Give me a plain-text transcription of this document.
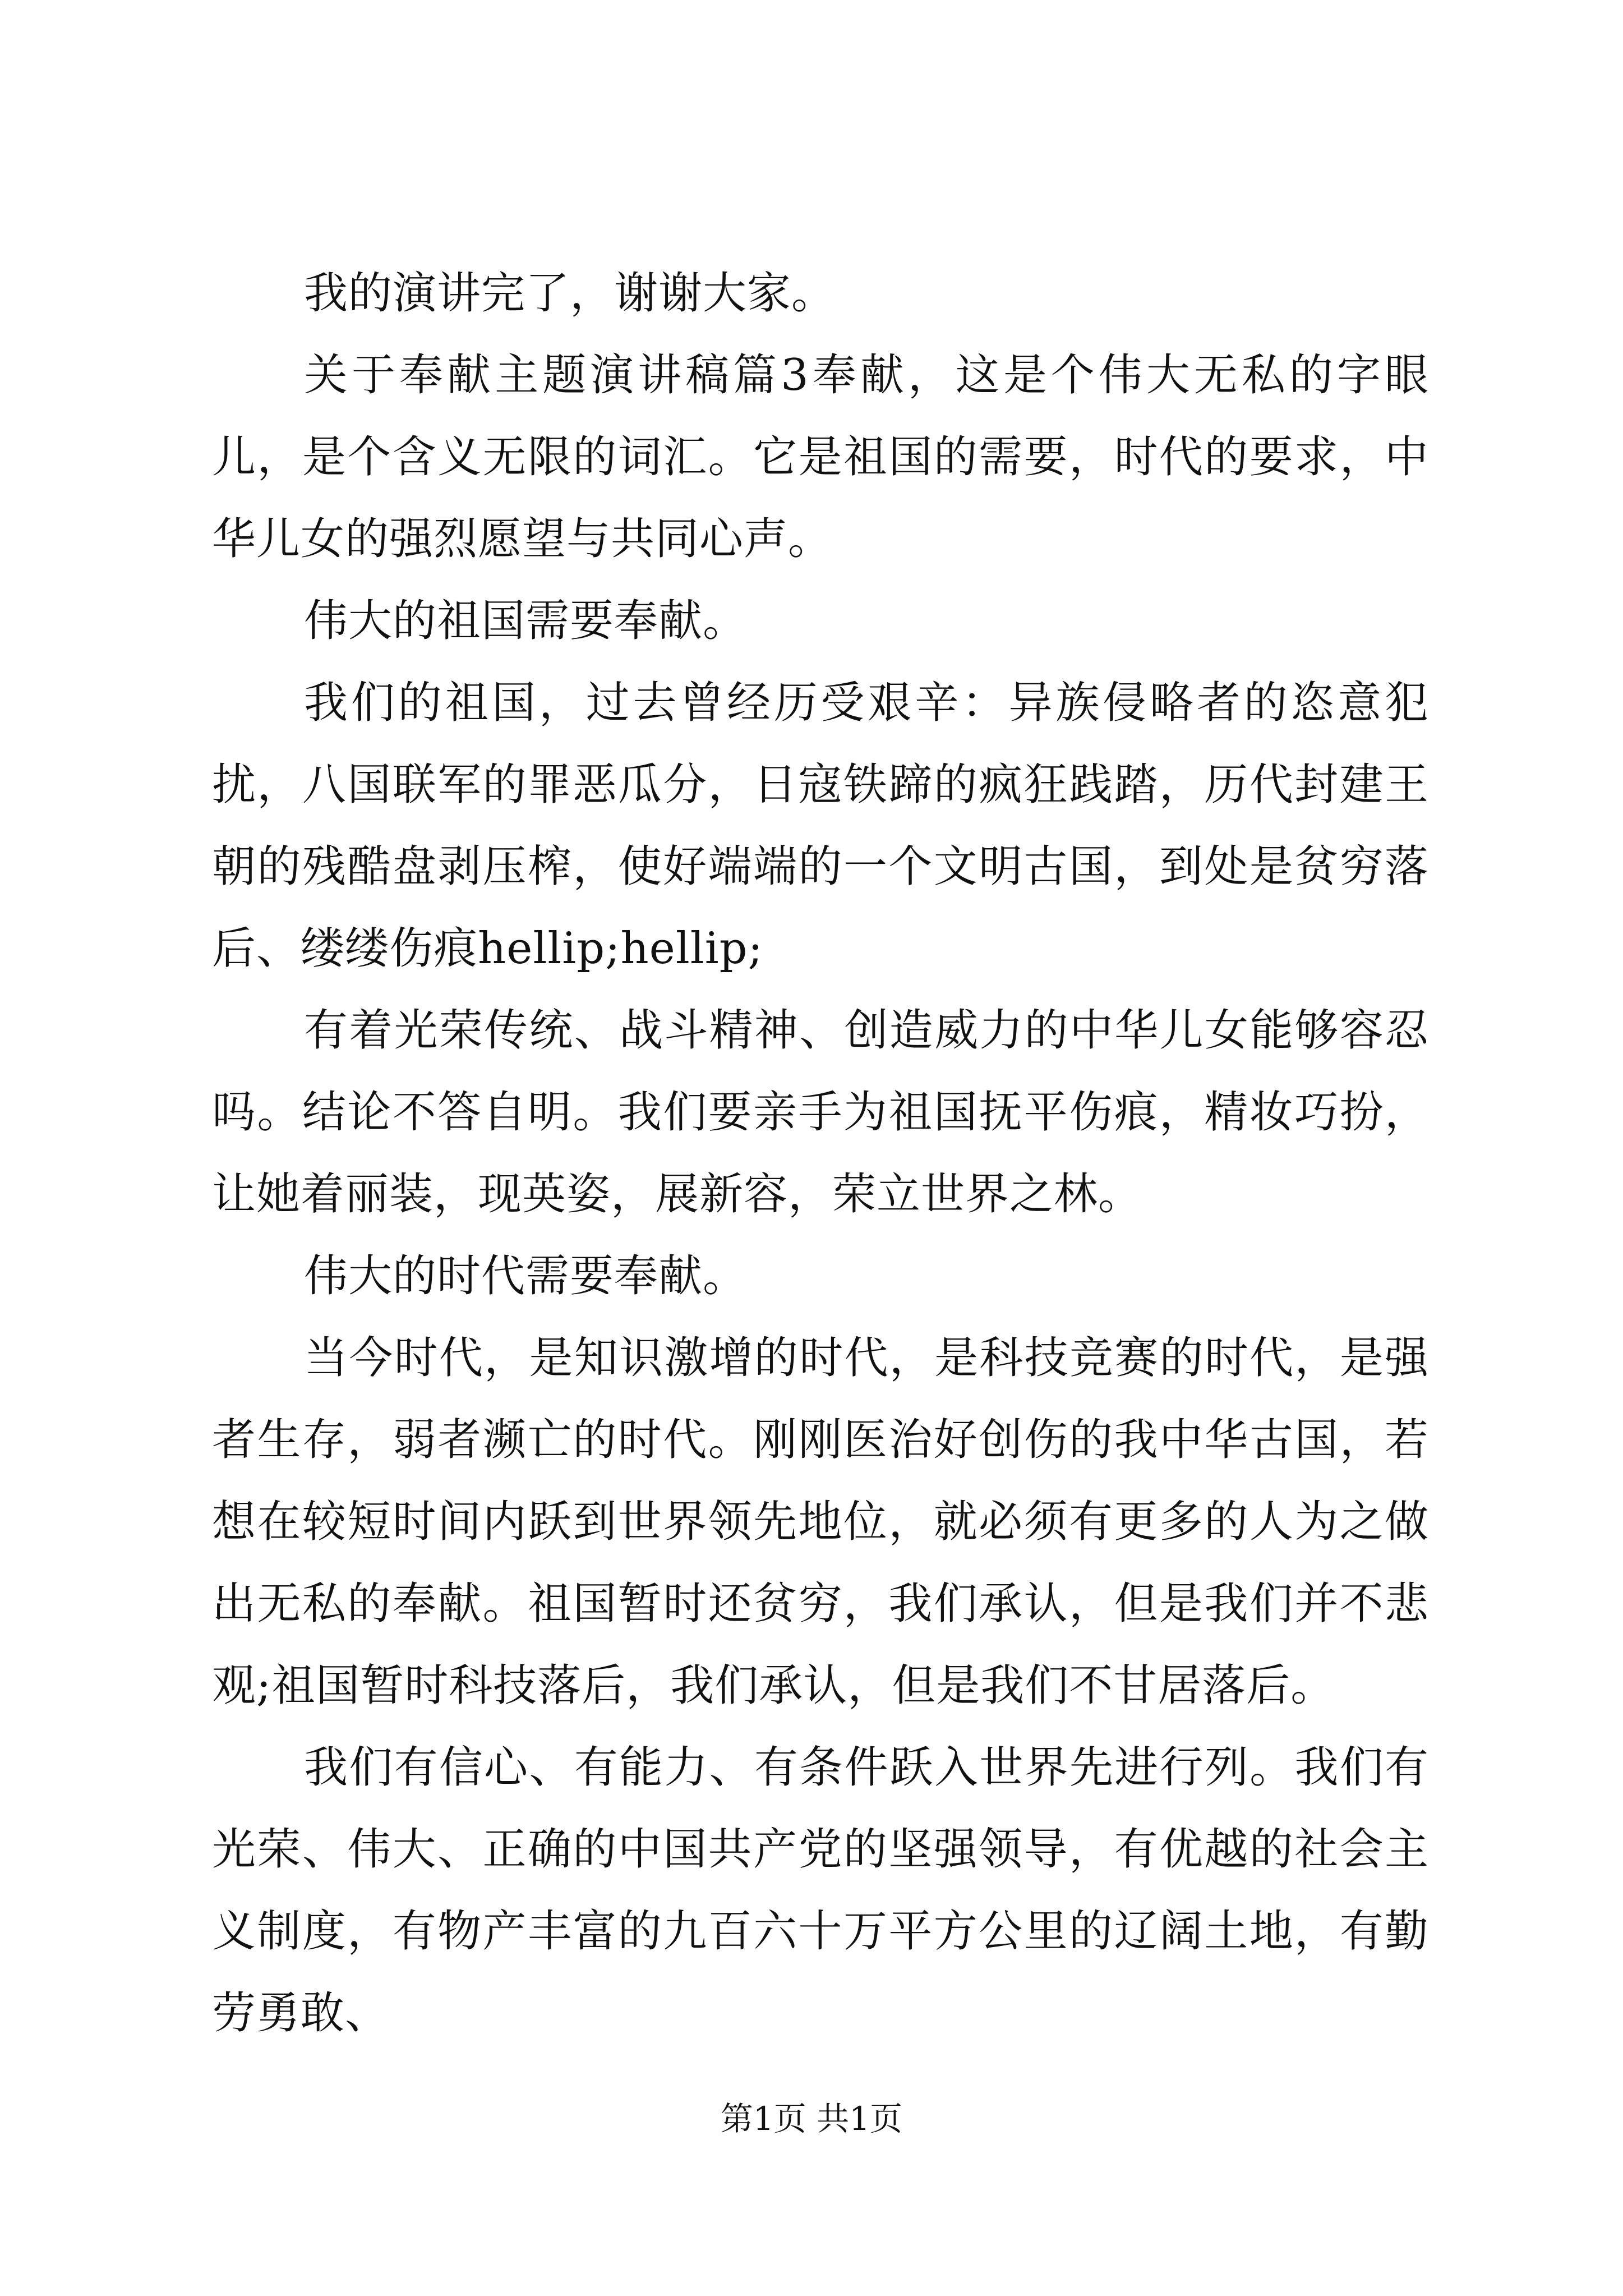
我的演讲完了，谢谢大家。

关于奉献主题演讲稿篇3奉献，这是个伟大无私的字眼儿，是个含义无限的词汇。它是祖国的需要，时代的要求，中华儿女的强烈愿望与共同心声。

伟大的祖国需要奉献。

我们的祖国，过去曾经历受艰辛：异族侵略者的恣意犯扰，八国联军的罪恶瓜分，日寇铁蹄的疯狂践踏，历代封建王朝的残酷盘剥压榨，使好端端的一个文明古国，到处是贫穷落后、缕缕伤痕hellip;hellip;

有着光荣传统、战斗精神、创造威力的中华儿女能够容忍吗。结论不答自明。我们要亲手为祖国抚平伤痕，精妆巧扮，让她着丽装，现英姿，展新容，荣立世界之林。

伟大的时代需要奉献。

当今时代，是知识激增的时代，是科技竞赛的时代，是强者生存，弱者濒亡的时代。刚刚医治好创伤的我中华古国，若想在较短时间内跃到世界领先地位，就必须有更多的人为之做出无私的奉献。祖国暂时还贫穷，我们承认，但是我们并不悲观;祖国暂时科技落后，我们承认，但是我们不甘居落后。

我们有信心、有能力、有条件跃入世界先进行列。我们有光荣、伟大、正确的中国共产党的坚强领导，有优越的社会主义制度，有物产丰富的九百六十万平方公里的辽阔土地，有勤劳勇敢、

第1页 共1页
